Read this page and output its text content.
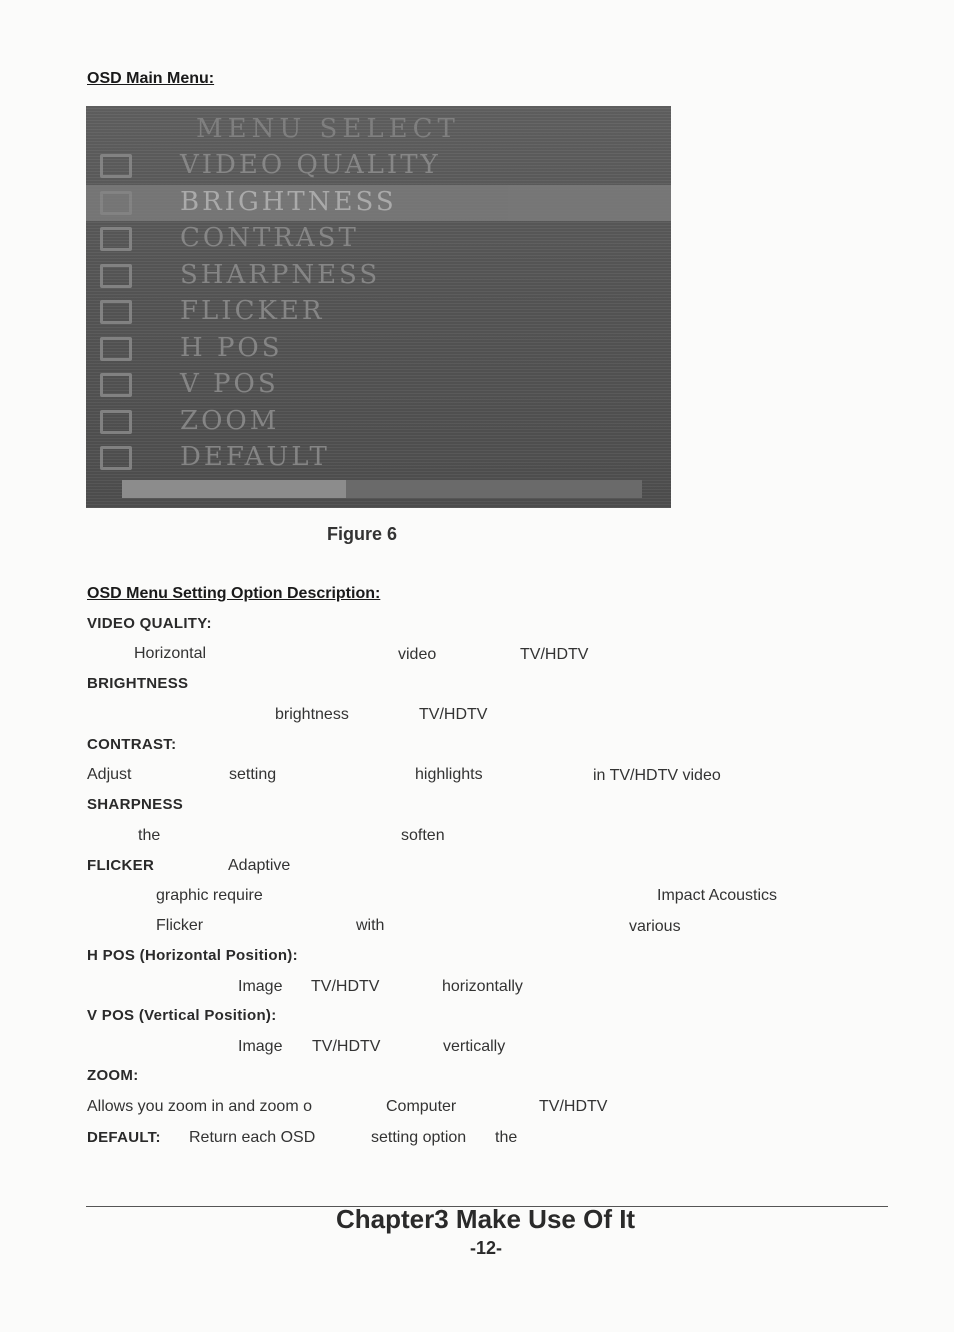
OSD Main Menu:
MENU SELECT
VIDEO QUALITY
BRIGHTNESS
CONTRAST
SHARPNESS
FLICKER
H POS
V POS
ZOOM
DEFAULT
Figure 6
OSD Menu Setting Option Description:
VIDEO QUALITY:
Horizontal	video	TV/HDTV
BRIGHTNESS
brightness	TV/HDTV
CONTRAST:
Adjust	setting	highlights	in TV/HDTV video
SHARPNESS
the	soften
FLICKER	Adaptive
graphic require	Impact Acoustics
Flicker	with	various
H POS (Horizontal Position):
Image TV/HDTV	horizontally
V POS (Vertical Position):
Image TV/HDTV	vertically
ZOOM:
Allows you zoom in and zoom o	Computer	TV/HDTV
DEFAULT: Return each OSD	setting option the
Chapter3 Make Use Of It
-12-
